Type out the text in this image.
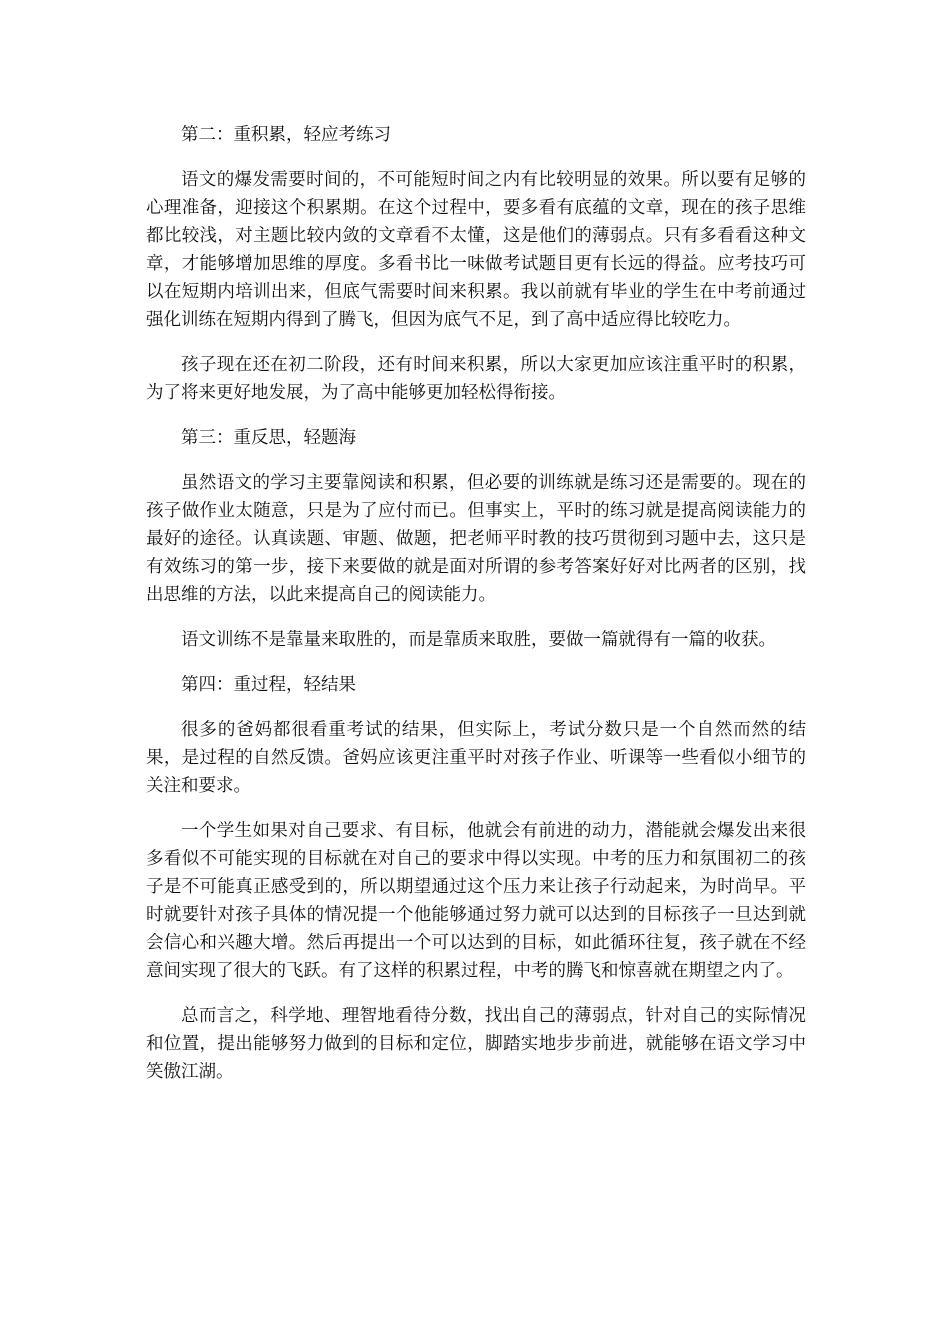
第二：重积累，轻应考练习

语文的爆发需要时间的，不可能短时间之内有比较明显的效果。所以要有足够的心理准备，迎接这个积累期。在这个过程中，要多看有底蕴的文章，现在的孩子思维都比较浅，对主题比较内敛的文章看不太懂，这是他们的薄弱点。只有多看看这种文章，才能够增加思维的厚度。多看书比一味做考试题目更有长远的得益。应考技巧可以在短期内培训出来，但底气需要时间来积累。我以前就有毕业的学生在中考前通过强化训练在短期内得到了腾飞，但因为底气不足，到了高中适应得比较吃力。

孩子现在还在初二阶段，还有时间来积累，所以大家更加应该注重平时的积累，为了将来更好地发展，为了高中能够更加轻松得衔接。

第三：重反思，轻题海

虽然语文的学习主要靠阅读和积累，但必要的训练就是练习还是需要的。现在的孩子做作业太随意，只是为了应付而已。但事实上，平时的练习就是提高阅读能力的最好的途径。认真读题、审题、做题，把老师平时教的技巧贯彻到习题中去，这只是有效练习的第一步，接下来要做的就是面对所谓的参考答案好好对比两者的区别，找出思维的方法，以此来提高自己的阅读能力。

语文训练不是靠量来取胜的，而是靠质来取胜，要做一篇就得有一篇的收获。

第四：重过程，轻结果

很多的爸妈都很看重考试的结果，但实际上，考试分数只是一个自然而然的结果，是过程的自然反馈。爸妈应该更注重平时对孩子作业、听课等一些看似小细节的关注和要求。

一个学生如果对自己要求、有目标，他就会有前进的动力，潜能就会爆发出来很多看似不可能实现的目标就在对自己的要求中得以实现。中考的压力和氛围初二的孩子是不可能真正感受到的，所以期望通过这个压力来让孩子行动起来，为时尚早。平时就要针对孩子具体的情况提一个他能够通过努力就可以达到的目标孩子一旦达到就会信心和兴趣大增。然后再提出一个可以达到的目标，如此循环往复，孩子就在不经意间实现了很大的飞跃。有了这样的积累过程，中考的腾飞和惊喜就在期望之内了。

总而言之，科学地、理智地看待分数，找出自己的薄弱点，针对自己的实际情况和位置，提出能够努力做到的目标和定位，脚踏实地步步前进，就能够在语文学习中笑傲江湖。
